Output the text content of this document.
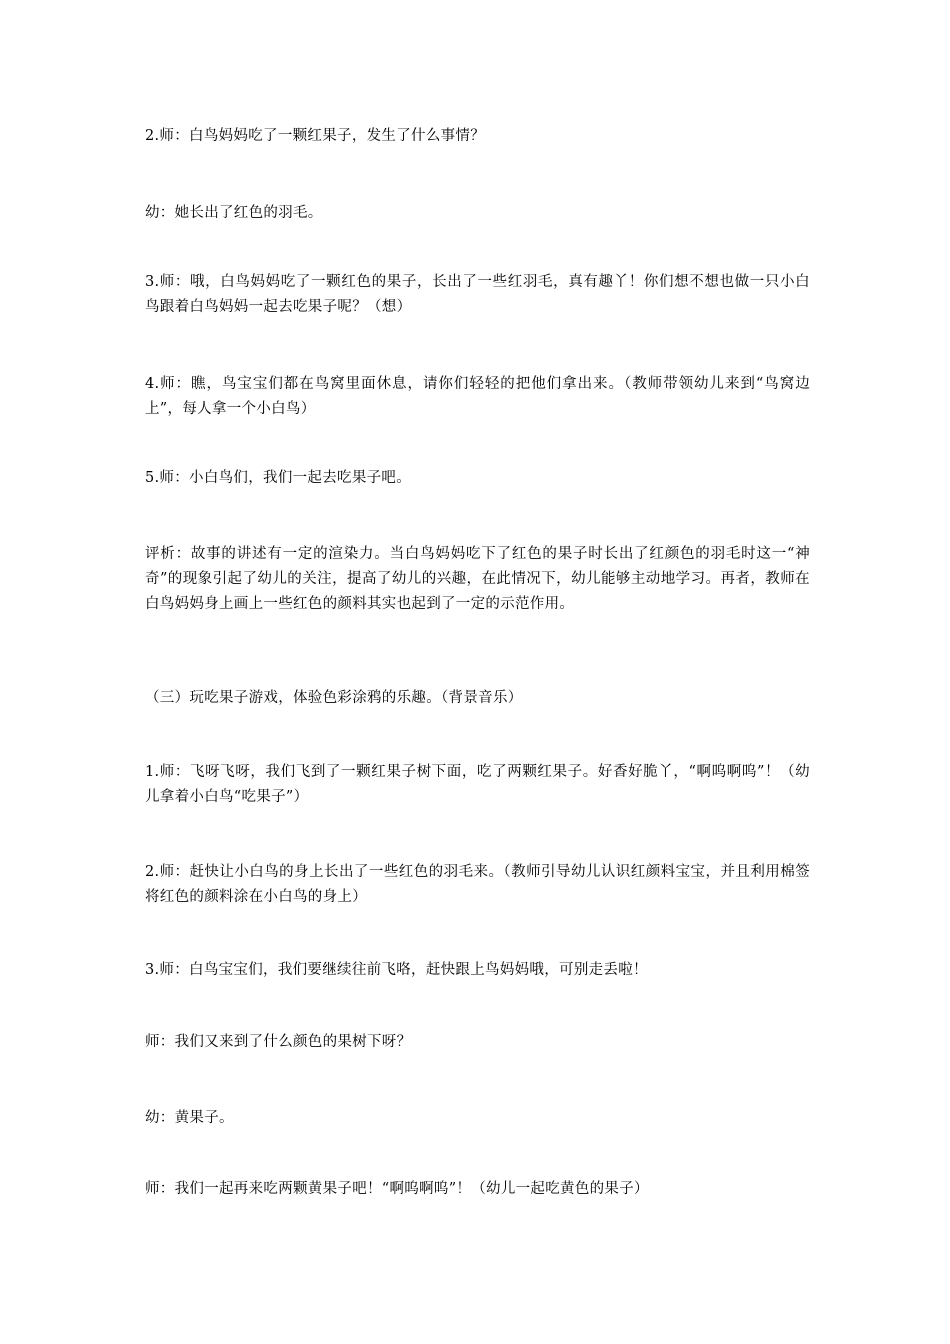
2.师：白鸟妈妈吃了一颗红果子，发生了什么事情？

幼：她长出了红色的羽毛。

3.师：哦，白鸟妈妈吃了一颗红色的果子，长出了一些红羽毛，真有趣丫！你们想不想也做一只小白鸟跟着白鸟妈妈一起去吃果子呢？（想）

4.师：瞧，鸟宝宝们都在鸟窝里面休息，请你们轻轻的把他们拿出来。（教师带领幼儿来到“鸟窝边上”，每人拿一个小白鸟）

5.师：小白鸟们，我们一起去吃果子吧。

评析：故事的讲述有一定的渲染力。当白鸟妈妈吃下了红色的果子时长出了红颜色的羽毛时这一“神奇”的现象引起了幼儿的关注，提高了幼儿的兴趣，在此情况下，幼儿能够主动地学习。再者，教师在白鸟妈妈身上画上一些红色的颜料其实也起到了一定的示范作用。

（三）玩吃果子游戏，体验色彩涂鸦的乐趣。（背景音乐）

1.师：飞呀飞呀，我们飞到了一颗红果子树下面，吃了两颗红果子。好香好脆丫，“啊呜啊呜”！（幼儿拿着小白鸟“吃果子”）

2.师：赶快让小白鸟的身上长出了一些红色的羽毛来。（教师引导幼儿认识红颜料宝宝，并且利用棉签将红色的颜料涂在小白鸟的身上）

3.师：白鸟宝宝们，我们要继续往前飞咯，赶快跟上鸟妈妈哦，可别走丢啦！

师：我们又来到了什么颜色的果树下呀？

幼：黄果子。

师：我们一起再来吃两颗黄果子吧！“啊呜啊呜”！（幼儿一起吃黄色的果子）
